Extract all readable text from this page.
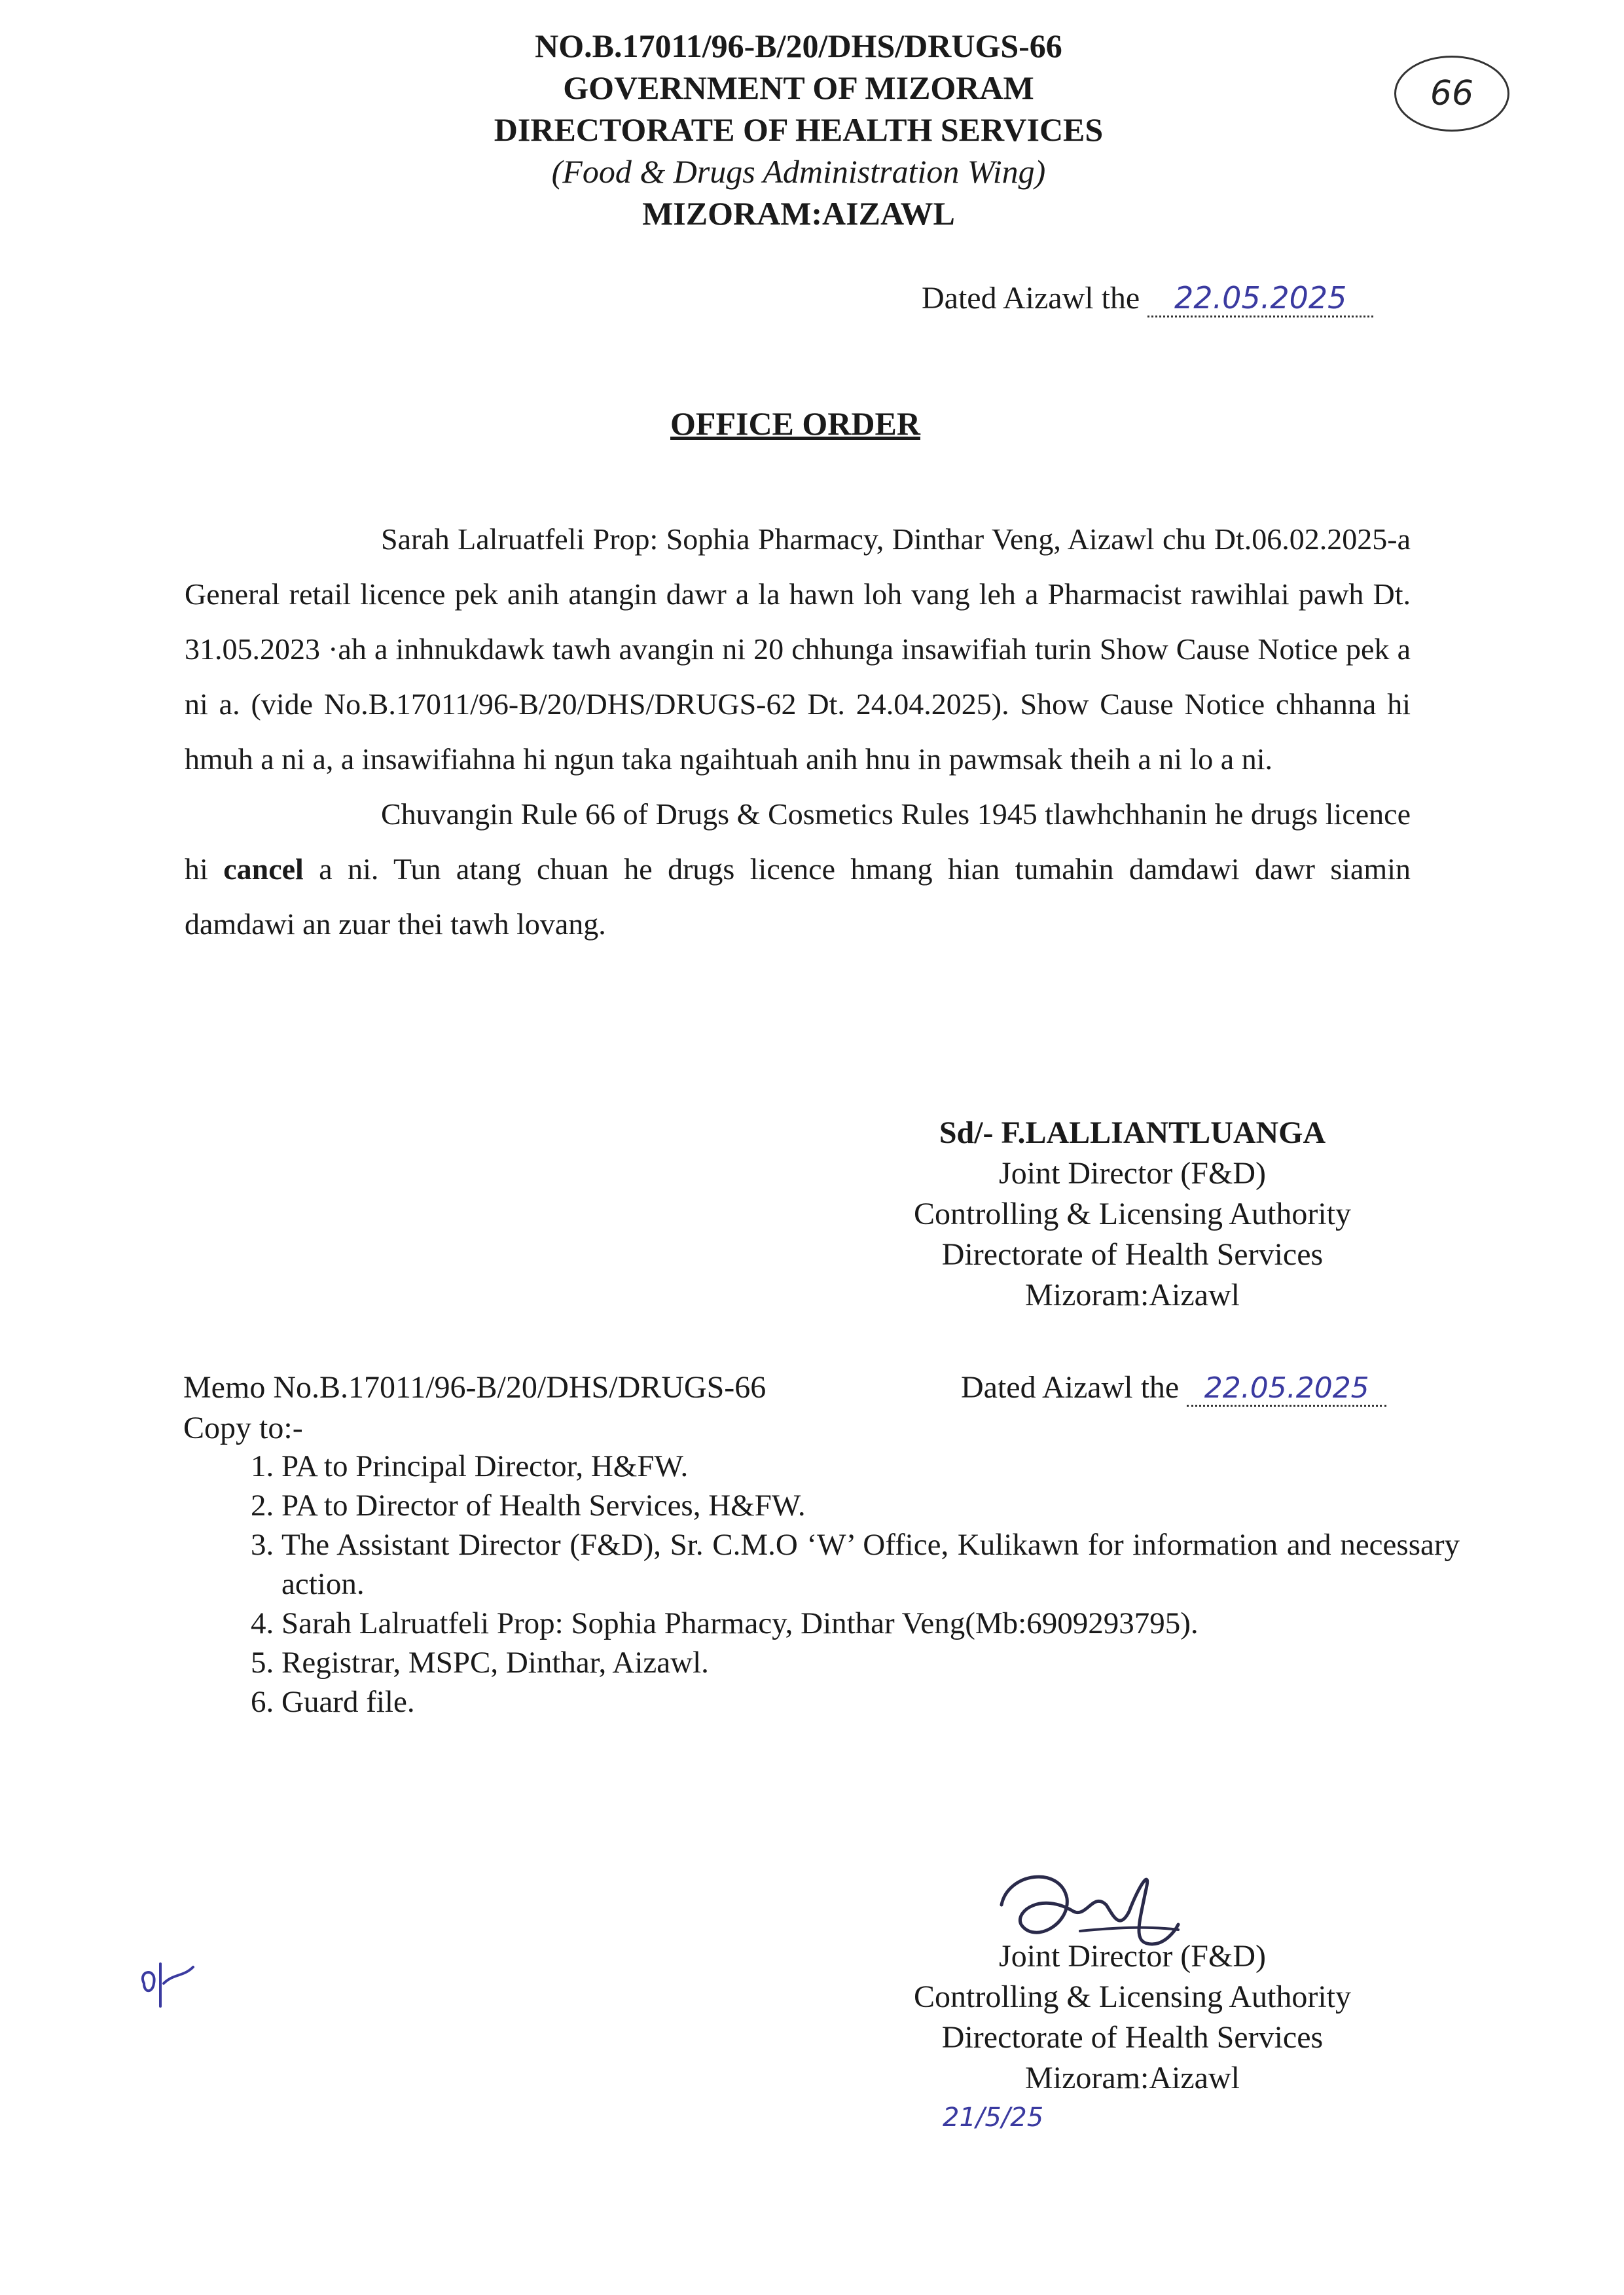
NO.B.17011/96-B/20/DHS/DRUGS-66
GOVERNMENT OF MIZORAM
DIRECTORATE OF HEALTH SERVICES
(Food & Drugs Administration Wing)
MIZORAM:AIZAWL
66
Dated Aizawl the 22.05.2025
OFFICE ORDER

Sarah Lalruatfeli Prop: Sophia Pharmacy, Dinthar Veng, Aizawl chu Dt.06.02.2025-a General retail licence pek anih atangin dawr a la hawn loh vang leh a Pharmacist rawihlai pawh Dt. 31.05.2023 ·ah a inhnukdawk tawh avangin ni 20 chhunga insawifiah turin Show Cause Notice pek a ni a. (vide No.B.17011/96-B/20/DHS/DRUGS-62 Dt. 24.04.2025). Show Cause Notice chhanna hi hmuh a ni a, a insawifiahna hi ngun taka ngaihtuah anih hnu in pawmsak theih a ni lo a ni.

Chuvangin Rule 66 of Drugs & Cosmetics Rules 1945 tlawhchhanin he drugs licence hi cancel a ni. Tun atang chuan he drugs licence hmang hian tumahin damdawi dawr siamin damdawi an zuar thei tawh lovang.

Sd/- F.LALLIANTLUANGA
Joint Director (F&D)
Controlling & Licensing Authority
Directorate of Health Services
Mizoram:Aizawl
Memo No.B.17011/96-B/20/DHS/DRUGS-66	Dated Aizawl the 22.05.2025
Copy to:-
1. PA to Principal Director, H&FW.
2. PA to Director of Health Services, H&FW.
3. The Assistant Director (F&D), Sr. C.M.O ‘W’ Office, Kulikawn for information and necessary action.
4. Sarah Lalruatfeli Prop: Sophia Pharmacy, Dinthar Veng(Mb:6909293795).
5. Registrar, MSPC, Dinthar, Aizawl.
6. Guard file.
Joint Director (F&D)
Controlling & Licensing Authority
Directorate of Health Services
Mizoram:Aizawl
21/5/25
